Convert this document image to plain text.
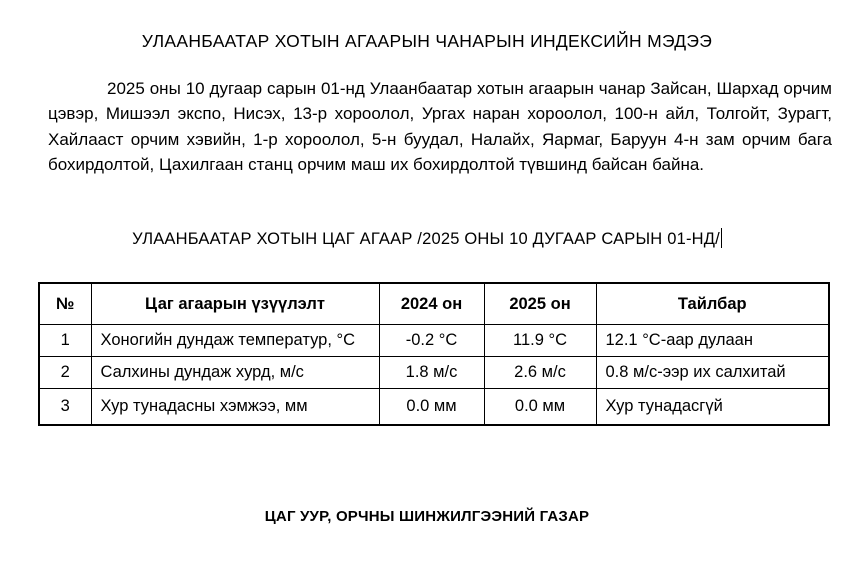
УЛААНБААТАР ХОТЫН АГААРЫН ЧАНАРЫН ИНДЕКСИЙН МЭДЭЭ

2025 оны 10 дугаар сарын 01-нд Улаанбаатар хотын агаарын чанар Зайсан, Шархад орчим цэвэр, Мишээл экспо, Нисэх, 13-р хороолол, Ургах наран хороолол, 100-н айл, Толгойт, Зурагт, Хайлааст орчим хэвийн, 1-р хороолол, 5-н буудал, Налайх, Яармаг, Баруун 4-н зам орчим бага бохирдолтой, Цахилгаан станц орчим маш их бохирдолтой түвшинд байсан байна.

УЛААНБААТАР ХОТЫН ЦАГ АГААР /2025 ОНЫ 10 ДУГААР САРЫН 01-НД/
№	Цаг агаарын үзүүлэлт	2024 он	2025 он	Тайлбар
1	Хоногийн дундаж температур, °С	-0.2 °С	11.9 °С	12.1 °С-аар дулаан
2	Салхины дундаж хурд, м/с	1.8 м/с	2.6 м/с	0.8 м/с-ээр их салхитай
3	Хур тунадасны хэмжээ, мм	0.0 мм	0.0 мм	Хур тунадасгүй
ЦАГ УУР, ОРЧНЫ ШИНЖИЛГЭЭНИЙ ГАЗАР
